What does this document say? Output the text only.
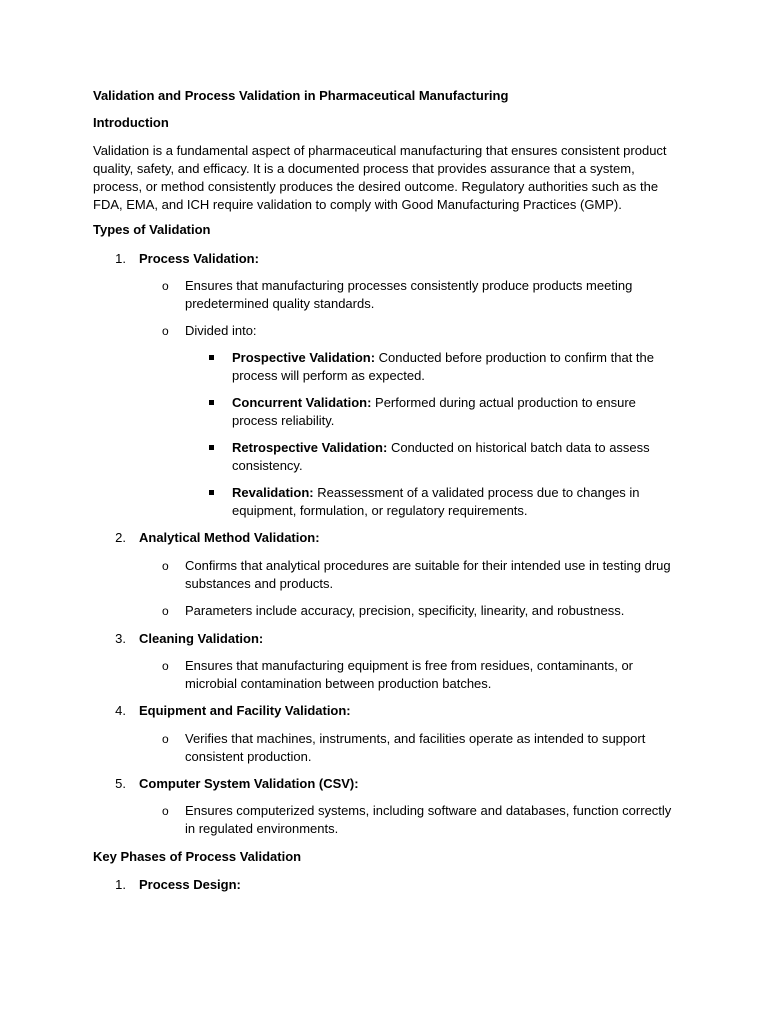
Validation and Process Validation in Pharmaceutical Manufacturing

Introduction

Validation is a fundamental aspect of pharmaceutical manufacturing that ensures consistent product quality, safety, and efficacy. It is a documented process that provides assurance that a system, process, or method consistently produces the desired outcome. Regulatory authorities such as the FDA, EMA, and ICH require validation to comply with Good Manufacturing Practices (GMP).

Types of Validation

1. Process Validation:
o Ensures that manufacturing processes consistently produce products meeting predetermined quality standards.
o Divided into:
Prospective Validation: Conducted before production to confirm that the process will perform as expected.
Concurrent Validation: Performed during actual production to ensure process reliability.
Retrospective Validation: Conducted on historical batch data to assess consistency.
Revalidation: Reassessment of a validated process due to changes in equipment, formulation, or regulatory requirements.
2. Analytical Method Validation:
o Confirms that analytical procedures are suitable for their intended use in testing drug substances and products.
o Parameters include accuracy, precision, specificity, linearity, and robustness.
3. Cleaning Validation:
o Ensures that manufacturing equipment is free from residues, contaminants, or microbial contamination between production batches.
4. Equipment and Facility Validation:
o Verifies that machines, instruments, and facilities operate as intended to support consistent production.
5. Computer System Validation (CSV):
o Ensures computerized systems, including software and databases, function correctly in regulated environments.

Key Phases of Process Validation

1. Process Design:
